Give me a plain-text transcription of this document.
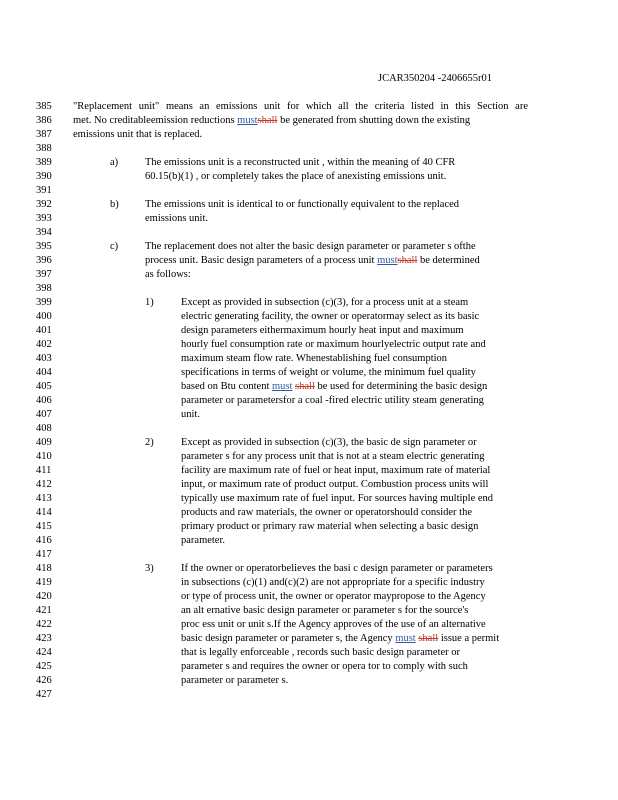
JCAR350204 -2406655r01
385
386
387
388
389
390
391
392
393
394
395
396
397
398
399
400
401
402
403
404
405
406
407
408
409
410
411
412
413
414
415
416
417
418
419
420
421
422
423
424
425
426
427
"Replacement unit" means an emissions unit for which all the criteria listed in this Section are
met. No creditableemission reductions mustshall be generated from shutting down the existing
emissions unit that is replaced.
a)	The emissions unit is a reconstructed unit , within the meaning of 40 CFR
60.15(b)(1) , or completely takes the place of anexisting emissions unit.
b)	The emissions unit is identical to or functionally equivalent to the replaced
emissions unit.
c)	The replacement does not alter the basic design parameter or parameter s ofthe
process unit. Basic design parameters of a process unit mustshall be determined
as follows:
1)	Except as provided in subsection (c)(3), for a process unit at a steam
electric generating facility, the owner or operatormay select as its basic
design parameters eithermaximum hourly heat input and maximum
hourly fuel consumption rate or maximum hourlyelectric output rate and
maximum steam flow rate. Whenestablishing fuel consumption
specifications in terms of weight or volume, the minimum fuel quality
based on Btu content must shall be used for determining the basic design
parameter or parametersfor a coal -fired electric utility steam generating
unit.
2)	Except as provided in subsection (c)(3), the basic de sign parameter or
parameter s for any process unit that is not at a steam electric generating
facility are maximum rate of fuel or heat input, maximum rate of material
input, or maximum rate of product output. Combustion process units will
typically use maximum rate of fuel input. For sources having multiple end
products and raw materials, the owner or operatorshould consider the
primary product or primary raw material when selecting a basic design
parameter.
3)	If the owner or operatorbelieves the basi c design parameter or parameters
in subsections (c)(1) and(c)(2) are not appropriate for a specific industry
or type of process unit, the owner or operator maypropose to the Agency
an alt ernative basic design parameter or parameter s for the source's
proc ess unit or unit s.If the Agency approves of the use of an alternative
basic design parameter or parameter s, the Agency must shall issue a permit
that is legally enforceable , records such basic design parameter or
parameter s and requires the owner or opera tor to comply with such
parameter or parameter s.
